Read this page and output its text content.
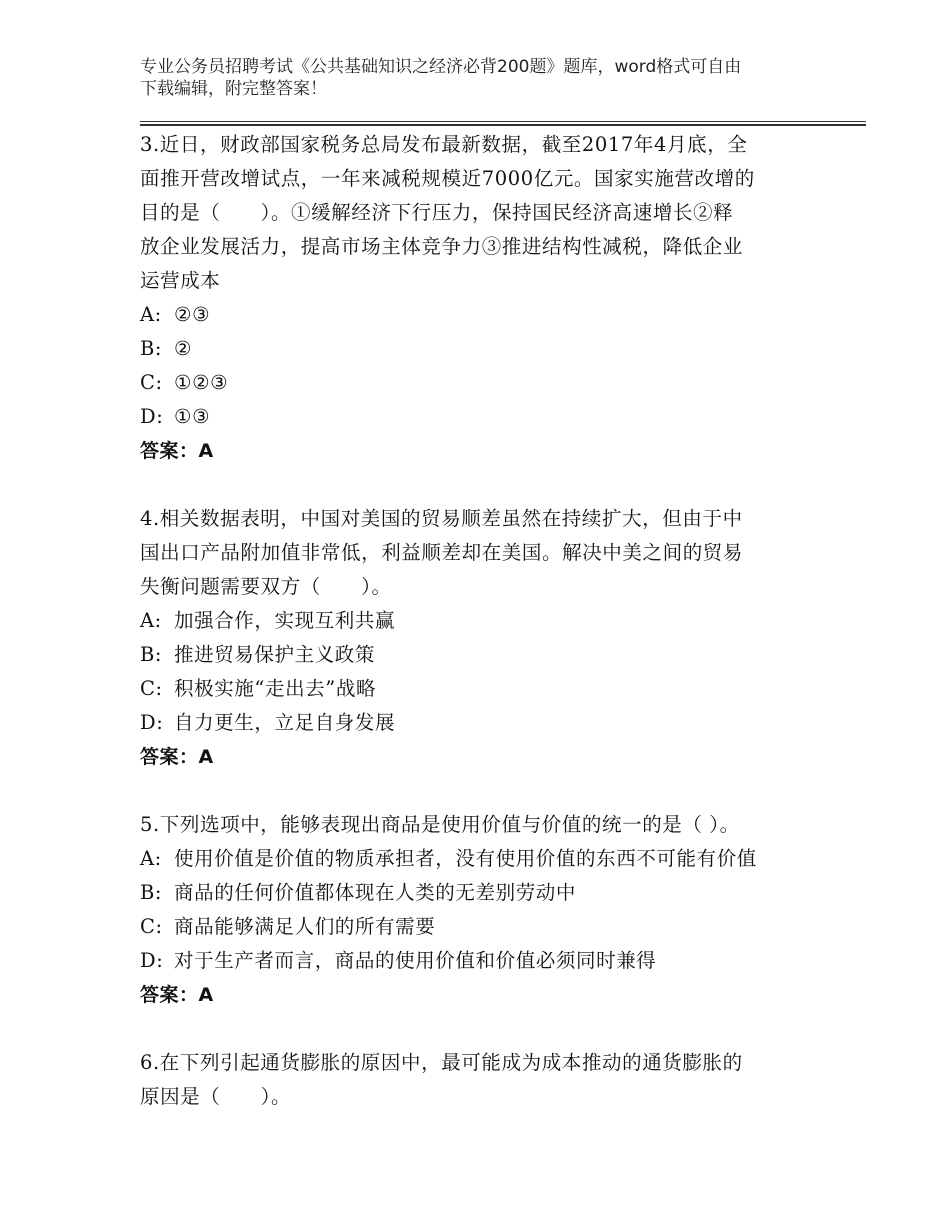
专业公务员招聘考试《公共基础知识之经济必背200题》题库，word格式可自由
下载编辑，附完整答案！

3.近日，财政部国家税务总局发布最新数据，截至2017年4月底，全

面推开营改增试点，一年来减税规模近7000亿元。国家实施营改增的

目的是（　　）。①缓解经济下行压力，保持国民经济高速增长②释

放企业发展活力，提高市场主体竞争力③推进结构性减税，降低企业

运营成本

A: ②③

B: ②

C: ①②③

D: ①③

答案：A

4.相关数据表明，中国对美国的贸易顺差虽然在持续扩大，但由于中

国出口产品附加值非常低，利益顺差却在美国。解决中美之间的贸易

失衡问题需要双方（　　）。

A: 加强合作，实现互利共赢

B: 推进贸易保护主义政策

C: 积极实施“走出去”战略

D: 自力更生，立足自身发展

答案：A

5.下列选项中，能够表现出商品是使用价值与价值的统一的是（ ）。

A: 使用价值是价值的物质承担者，没有使用价值的东西不可能有价值

B: 商品的任何价值都体现在人类的无差别劳动中

C: 商品能够满足人们的所有需要

D: 对于生产者而言，商品的使用价值和价值必须同时兼得

答案：A

6.在下列引起通货膨胀的原因中，最可能成为成本推动的通货膨胀的

原因是（　　）。
